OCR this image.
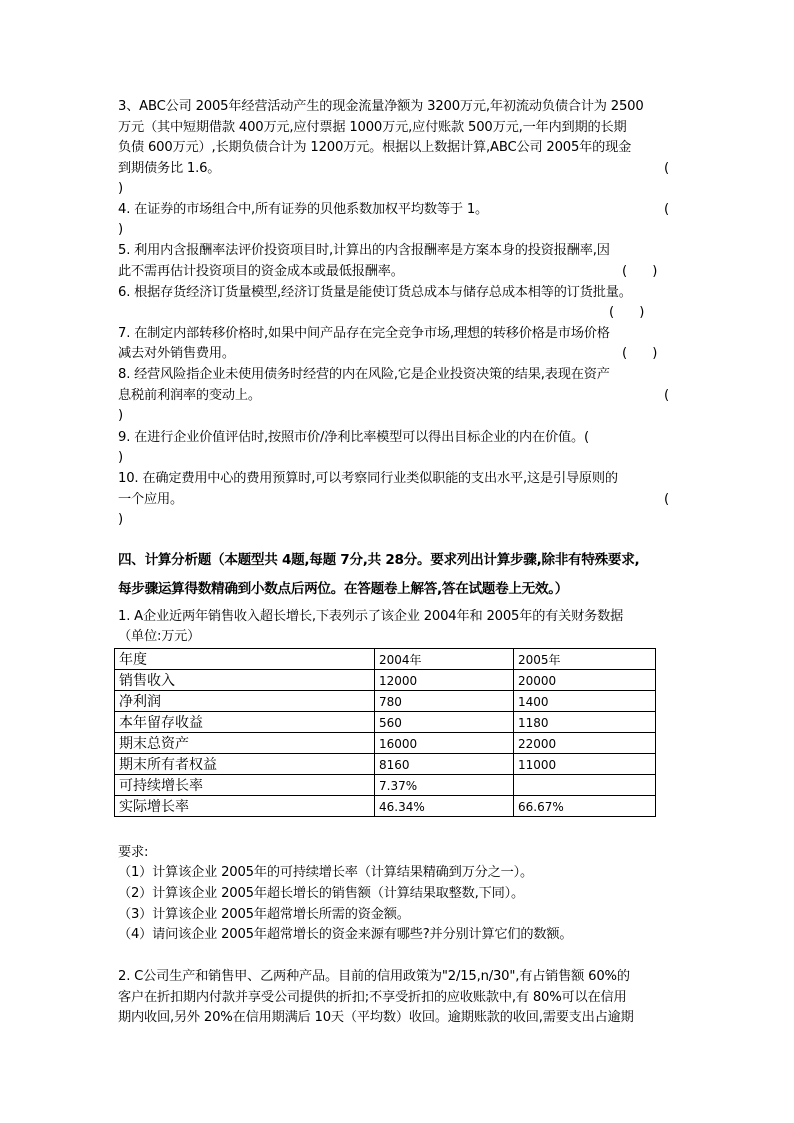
3、ABC公司 2005年经营活动产生的现金流量净额为 3200万元,年初流动负债合计为 2500
万元（其中短期借款 400万元,应付票据 1000万元,应付账款 500万元,一年内到期的长期
负债 600万元）,长期负债合计为 1200万元。根据以上数据计算,ABC公司 2005年的现金
到期债务比 1.6。	(
)
4. 在证券的市场组合中,所有证券的贝他系数加权平均数等于 1。	(
)
5. 利用内含报酬率法评价投资项目时,计算出的内含报酬率是方案本身的投资报酬率,因
此不需再估计投资项目的资金成本或最低报酬率。	(      )
6. 根据存货经济订货量模型,经济订货量是能使订货总成本与储存总成本相等的订货批量。
(      )
7. 在制定内部转移价格时,如果中间产品存在完全竞争市场,理想的转移价格是市场价格
减去对外销售费用。	(      )
8. 经营风险指企业未使用债务时经营的内在风险,它是企业投资决策的结果,表现在资产
息税前利润率的变动上。	(
)
9. 在进行企业价值评估时,按照市价/净利比率模型可以得出目标企业的内在价值。(
)
10. 在确定费用中心的费用预算时,可以考察同行业类似职能的支出水平,这是引导原则的
一个应用。	(
)
四、计算分析题（本题型共 4题,每题 7分,共 28分。要求列出计算步骤,除非有特殊要求,
每步骤运算得数精确到小数点后两位。在答题卷上解答,答在试题卷上无效。）
1. A企业近两年销售收入超长增长,下表列示了该企业 2004年和 2005年的有关财务数据
（单位:万元）
年度	2004年	2005年
销售收入	12000	20000
净利润	780	1400
本年留存收益	560	1180
期末总资产	16000	22000
期末所有者权益	8160	11000
可持续增长率	7.37%	
实际增长率	46.34%	66.67%
要求:
（1）计算该企业 2005年的可持续增长率（计算结果精确到万分之一）。
（2）计算该企业 2005年超长增长的销售额（计算结果取整数,下同）。
（3）计算该企业 2005年超常增长所需的资金额。
（4）请问该企业 2005年超常增长的资金来源有哪些?并分别计算它们的数额。
2. C公司生产和销售甲、乙两种产品。目前的信用政策为"2/15,n/30",有占销售额 60%的
客户在折扣期内付款并享受公司提供的折扣;不享受折扣的应收账款中,有 80%可以在信用
期内收回,另外 20%在信用期满后 10天（平均数）收回。逾期账款的收回,需要支出占逾期
